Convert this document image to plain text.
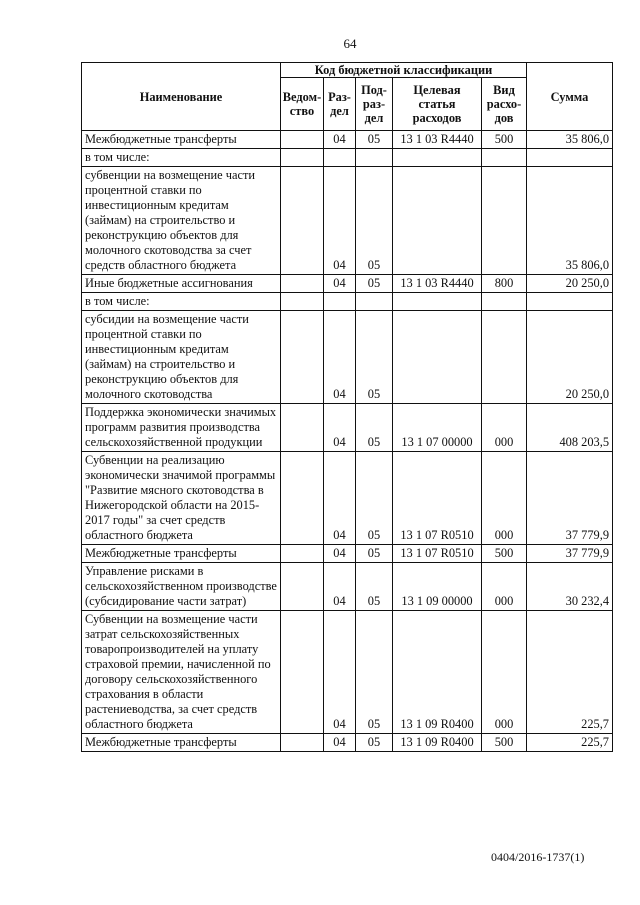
64
Наименование	Код бюджетной классификации					Сумма
	Ведом- ство	Раз- дел	Под- раз- дел	Целевая статья расходов	Вид расхо- дов	
Межбюджетные трансферты		04	05	13 1 03 R4440	500	35 806,0
в том числе:						
субвенции на возмещение части процентной ставки по инвестиционным кредитам (займам) на строительство и реконструкцию объектов для молочного скотоводства за счет средств областного бюджета		04	05			35 806,0
Иные бюджетные ассигнования		04	05	13 1 03 R4440	800	20 250,0
в том числе:						
субсидии на возмещение части процентной ставки по инвестиционным кредитам (займам) на строительство и реконструкцию объектов для молочного скотоводства		04	05			20 250,0
Поддержка экономически значимых программ развития производства сельскохозяйственной продукции		04	05	13 1 07 00000	000	408 203,5
Субвенции на реализацию экономически значимой программы "Развитие мясного скотоводства в Нижегородской области на 2015-2017 годы" за счет средств областного бюджета		04	05	13 1 07 R0510	000	37 779,9
Межбюджетные трансферты		04	05	13 1 07 R0510	500	37 779,9
Управление рисками в сельскохозяйственном производстве (субсидирование части затрат)		04	05	13 1 09 00000	000	30 232,4
Субвенции на возмещение части затрат сельскохозяйственных товаропроизводителей на уплату страховой премии, начисленной по договору сельскохозяйственного страхования в области растениеводства, за счет средств областного бюджета		04	05	13 1 09 R0400	000	225,7
Межбюджетные трансферты		04	05	13 1 09 R0400	500	225,7
0404/2016-1737(1)
